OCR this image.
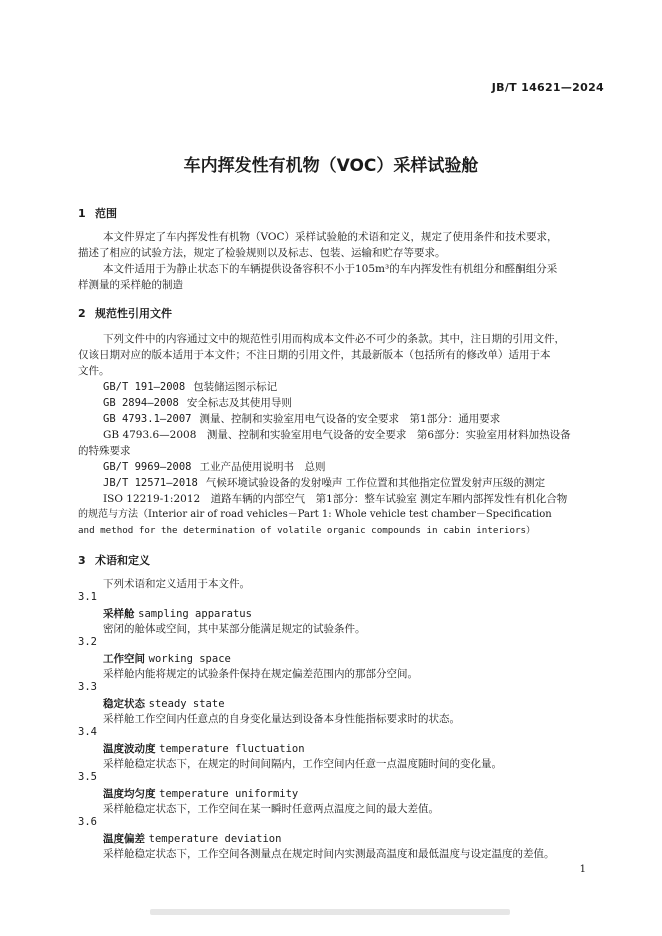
JB/T 14621—2024
车内挥发性有机物（VOC）采样试验舱
1 范围
本文件界定了车内挥发性有机物（VOC）采样试验舱的术语和定义，规定了使用条件和技术要求，
描述了相应的试验方法，规定了检验规则以及标志、包装、运输和贮存等要求。
本文件适用于为静止状态下的车辆提供设备容积不小于105m³的车内挥发性有机组分和醛酮组分采
样测量的采样舱的制造
2 规范性引用文件
下列文件中的内容通过文中的规范性引用而构成本文件必不可少的条款。其中，注日期的引用文件，
仅该日期对应的版本适用于本文件；不注日期的引用文件，其最新版本（包括所有的修改单）适用于本
文件。
GB/T 191—2008 包装储运图示标记
GB 2894—2008 安全标志及其使用导则
GB 4793.1—2007 测量、控制和实验室用电气设备的安全要求　第1部分：通用要求
GB 4793.6—2008　测量、控制和实验室用电气设备的安全要求　第6部分：实验室用材料加热设备
的特殊要求
GB/T 9969—2008 工业产品使用说明书　总则
JB/T 12571—2018 气候环境试验设备的发射噪声 工作位置和其他指定位置发射声压级的测定
ISO 12219-1:2012　道路车辆的内部空气　第1部分：整车试验室 测定车厢内部挥发性有机化合物
的规范与方法（Interior air of road vehicles－Part 1: Whole vehicle test chamber－Specification
and method for the determination of volatile organic compounds in cabin interiors）
3 术语和定义
下列术语和定义适用于本文件。
3.1
采样舱 sampling apparatus
密闭的舱体或空间，其中某部分能满足规定的试验条件。
3.2
工作空间 working space
采样舱内能将规定的试验条件保持在规定偏差范围内的那部分空间。
3.3
稳定状态 steady state
采样舱工作空间内任意点的自身变化量达到设备本身性能指标要求时的状态。
3.4
温度波动度 temperature fluctuation
采样舱稳定状态下，在规定的时间间隔内，工作空间内任意一点温度随时间的变化量。
3.5
温度均匀度 temperature uniformity
采样舱稳定状态下，工作空间在某一瞬时任意两点温度之间的最大差值。
3.6
温度偏差 temperature deviation
采样舱稳定状态下，工作空间各测量点在规定时间内实测最高温度和最低温度与设定温度的差值。
1
